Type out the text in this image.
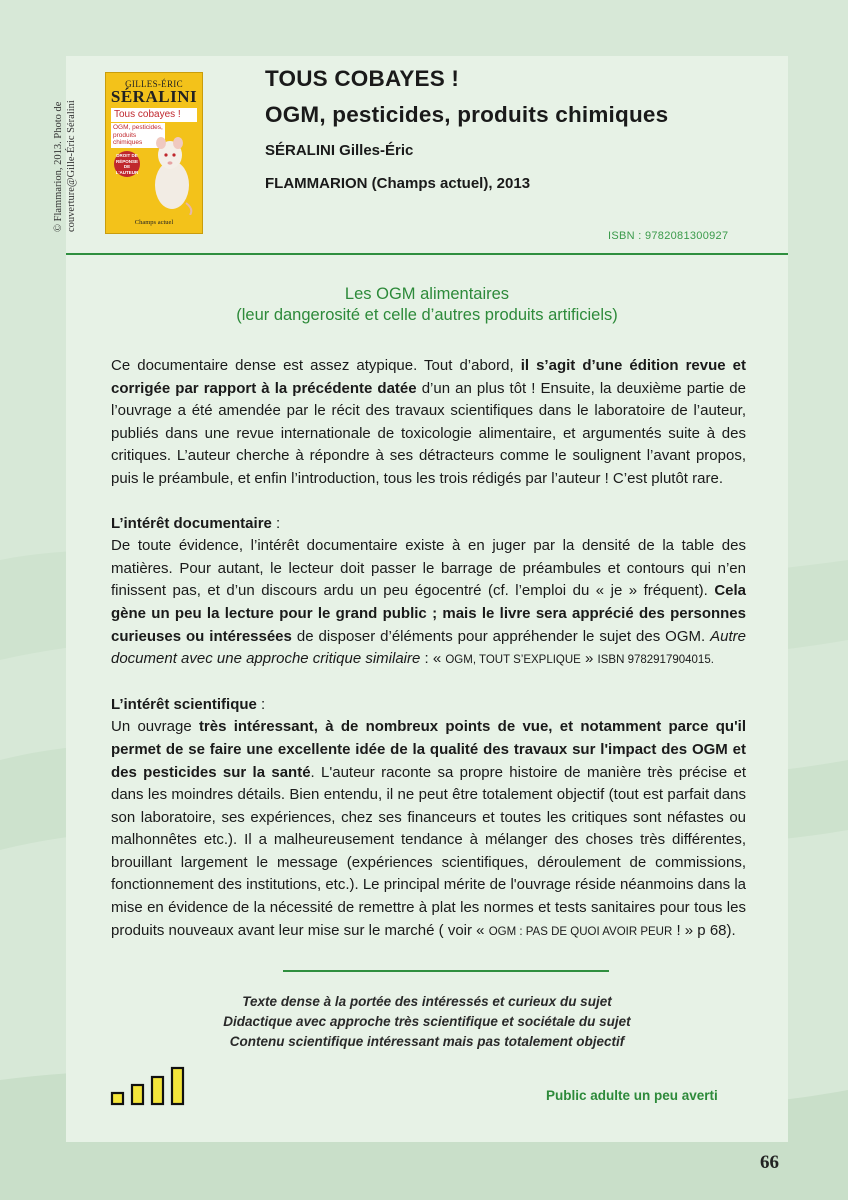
© Flammarion, 2013. Photo de couverture@Gille-Éric Séralini
GILLES-ÉRIC
SÉRALINI
Tous cobayes !
OGM, pesticides, produits chimiques
DROIT DE RÉPONSE DE L'AUTEUR
Champs actuel
TOUS COBAYES !
OGM, pesticides, produits chimiques
SÉRALINI Gilles-Éric
FLAMMARION (Champs actuel), 2013
ISBN : 9782081300927
Les OGM alimentaires
(leur dangerosité et celle d’autres produits artificiels)

Ce documentaire dense est assez atypique. Tout d’abord, il s’agit d’une édition revue et corrigée par rapport à la précédente datée d’un an plus tôt ! Ensuite, la deuxième partie de l’ouvrage a été amendée par le récit des travaux scientifiques dans le laboratoire de l’auteur, publiés dans une revue internationale de toxicologie alimentaire, et argumentés suite à des critiques. L’auteur cherche à répondre à ses détracteurs comme le soulignent l’avant propos, puis le préambule, et enfin l’introduction, tous les trois rédigés par l’auteur ! C’est plutôt rare.

L’intérêt documentaire :

De toute évidence, l’intérêt documentaire existe à en juger par la densité de la table des matières. Pour autant, le lecteur doit passer le barrage de préambules et contours qui n’en finissent pas, et d’un discours ardu un peu égocentré (cf. l’emploi du « je » fréquent). Cela gène un peu la lecture pour le grand public ; mais le livre sera apprécié des personnes curieuses ou intéressées de disposer d’éléments pour appréhender le sujet des OGM. Autre document avec une approche critique similaire : « OGM, TOUT S’EXPLIQUE » ISBN 9782917904015.

L’intérêt scientifique :

Un ouvrage très intéressant, à de nombreux points de vue, et notamment parce qu'il permet de se faire une excellente idée de la qualité des travaux sur l'impact des OGM et des pesticides sur la santé. L'auteur raconte sa propre histoire de manière très précise et dans les moindres détails. Bien entendu, il ne peut être totalement objectif (tout est parfait dans son laboratoire, ses expériences, chez ses financeurs et toutes les critiques sont néfastes ou malhonnêtes etc.). Il a malheureusement tendance à mélanger des choses très différentes, brouillant largement le message (expériences scientifiques, déroulement de commissions, fonctionnement des institutions, etc.). Le principal mérite de l'ouvrage réside néanmoins dans la mise en évidence de la nécessité de remettre à plat les normes et tests sanitaires pour tous les produits nouveaux avant leur mise sur le marché ( voir « OGM : PAS DE QUOI AVOIR PEUR ! » p 68).

Texte dense à la portée des intéressés et curieux du sujet
Didactique avec approche très scientifique et sociétale du sujet
Contenu scientifique intéressant mais pas totalement objectif
Public adulte un peu averti
66
